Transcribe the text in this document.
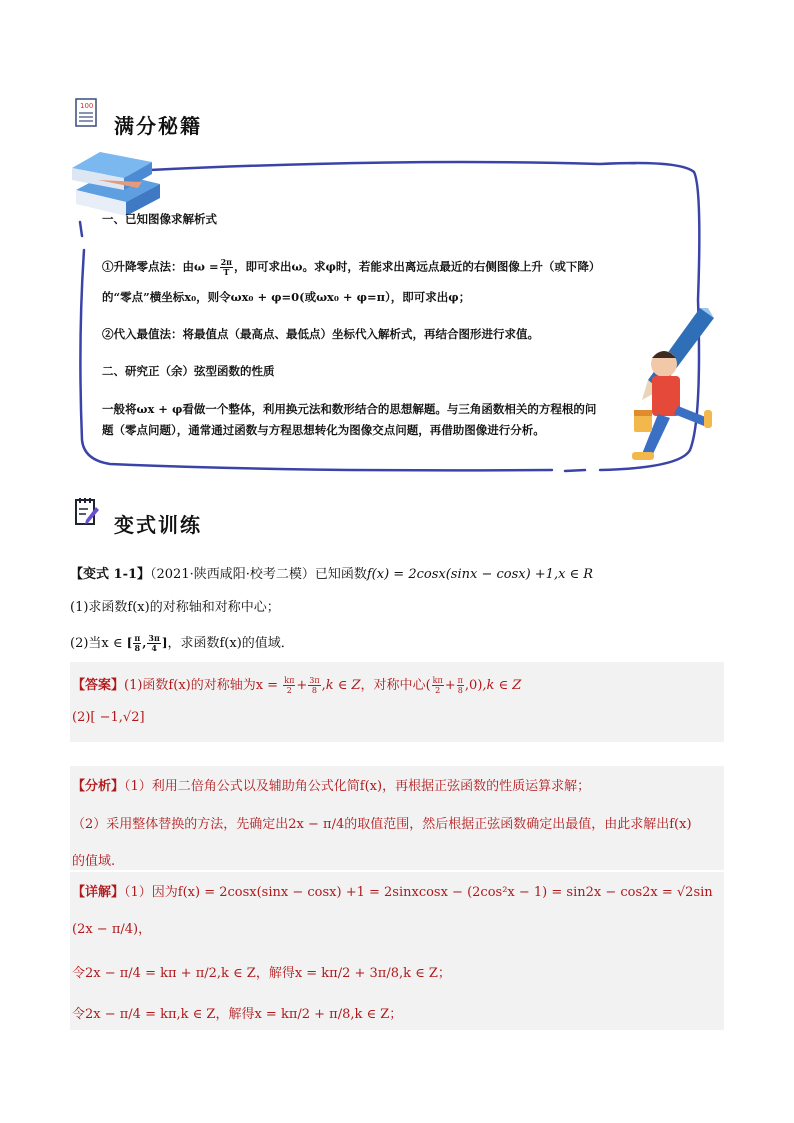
100
满分秘籍
一、已知图像求解析式
①升降零点法：由$\omega = \frac{2\pi}{T}$ ，即可求出ω。求φ时，若能求出离远点最近的右侧图像上升（或下降）
的“零点”横坐标x₀，则令ωx₀ + φ=0(或ωx₀ + φ=π），即可求出φ；
②代入最值法：将最值点（最高点、最低点）坐标代入解析式，再结合图形进行求值。
二、研究正（余）弦型函数的性质
一般将ωx + φ看做一个整体，利用换元法和数形结合的思想解题。与三角函数相关的方程根的问
题（零点问题），通常通过函数与方程思想转化为图像交点问题，再借助图像进行分析。
变式训练
【变式 1-1】（2021·陕西咸阳·校考二模）已知函数f(x) = 2cosx(sinx − cosx) +1,x ∈ R
(1)求函数f(x)的对称轴和对称中心；
(2)当x ∈ [ $\frac{\pi}{8}$ , $\frac{3\pi}{4}$ ]，求函数f(x)的值域．
【答案】(1)函数f(x)的对称轴为$x = \frac{k\pi}{2} + \frac{3\pi}{8} ,k$ ∈ Z，对称中心( $\frac{k\pi}{2} + \frac{\pi}{8} ,0),k$ ∈ Z
(2)[ −1,√2]
【分析】（1）利用二倍角公式以及辅助角公式化简f(x)，再根据正弦函数的性质运算求解；
（2）采用整体替换的方法，先确定出2x − π/4的取值范围，然后根据正弦函数确定出最值，由此求解出f(x)
的值域.
【详解】（1）因为f(x) = 2cosx(sinx − cosx) +1 = 2sinxcosx − (2cos²x − 1) = sin2x − cos2x = √2sin
(2x − π/4)，
令2x − π/4 = kπ + π/2,k ∈ Z，解得x = kπ/2 + 3π/8,k ∈ Z；
令2x − π/4 = kπ,k ∈ Z，解得x = kπ/2 + π/8,k ∈ Z；
